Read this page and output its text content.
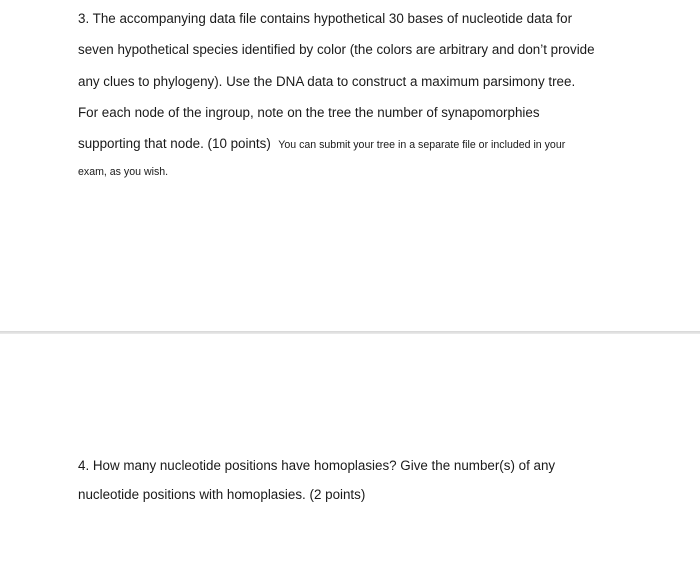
3. The accompanying data file contains hypothetical 30 bases of nucleotide data for
seven hypothetical species identified by color (the colors are arbitrary and don’t provide
any clues to phylogeny). Use the DNA data to construct a maximum parsimony tree.
For each node of the ingroup, note on the tree the number of synapomorphies
supporting that node. (10 points) You can submit your tree in a separate file or included in your
exam, as you wish.
4. How many nucleotide positions have homoplasies? Give the number(s) of any
nucleotide positions with homoplasies. (2 points)
